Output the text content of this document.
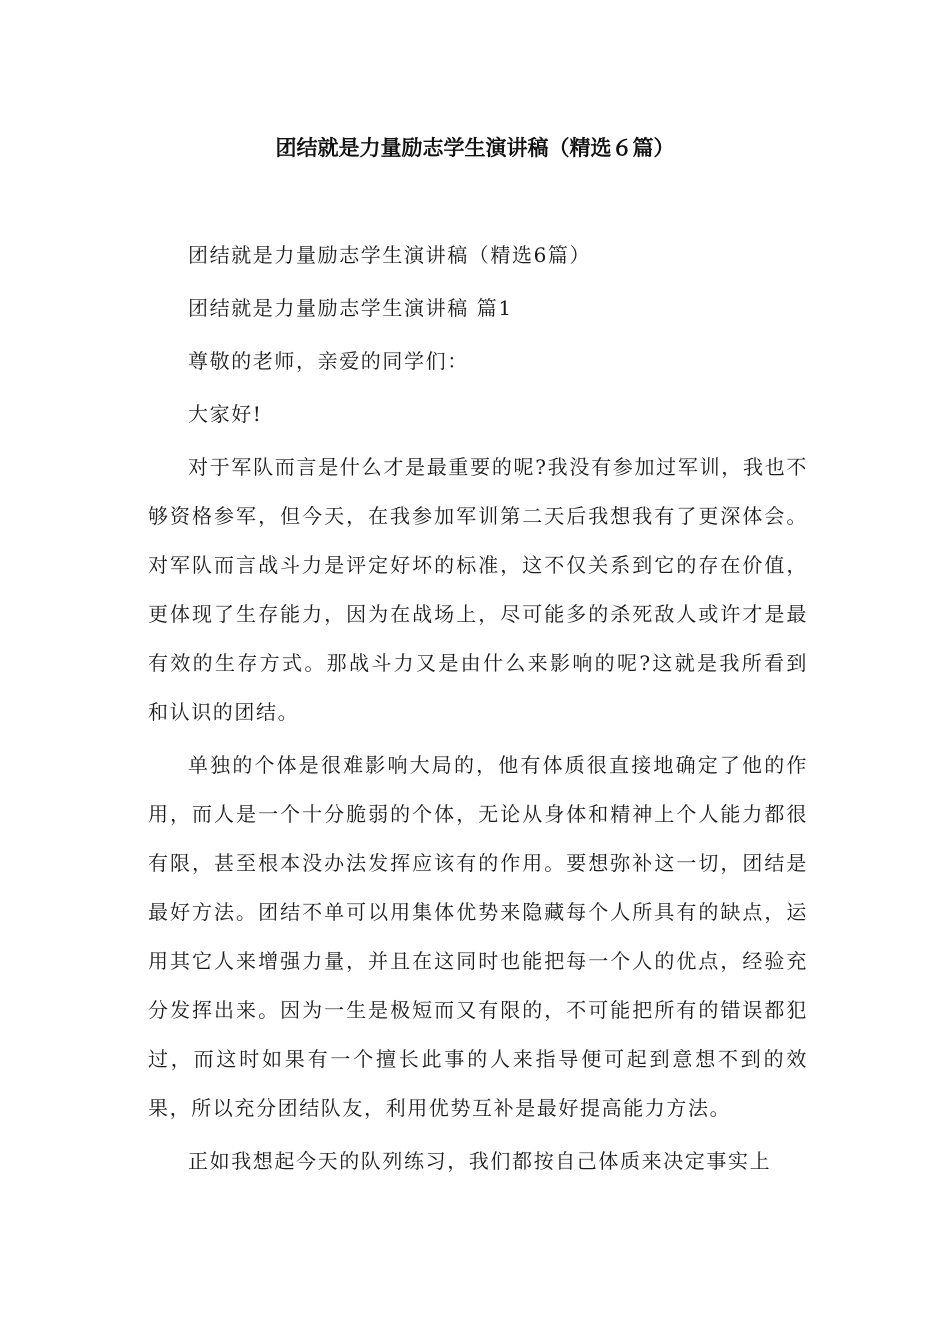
团结就是力量励志学生演讲稿（精选６篇）

团结就是力量励志学生演讲稿（精选6篇）

团结就是力量励志学生演讲稿 篇1

尊敬的老师，亲爱的同学们：

大家好!

对于军队而言是什么才是最重要的呢?我没有参加过军训，我也不够资格参军，但今天，在我参加军训第二天后我想我有了更深体会。对军队而言战斗力是评定好坏的标准，这不仅关系到它的存在价值，更体现了生存能力，因为在战场上，尽可能多的杀死敌人或许才是最有效的生存方式。那战斗力又是由什么来影响的呢?这就是我所看到和认识的团结。

单独的个体是很难影响大局的，他有体质很直接地确定了他的作用，而人是一个十分脆弱的个体，无论从身体和精神上个人能力都很有限，甚至根本没办法发挥应该有的作用。要想弥补这一切，团结是最好方法。团结不单可以用集体优势来隐藏每个人所具有的缺点，运用其它人来增强力量，并且在这同时也能把每一个人的优点，经验充分发挥出来。因为一生是极短而又有限的，不可能把所有的错误都犯过，而这时如果有一个擅长此事的人来指导便可起到意想不到的效果，所以充分团结队友，利用优势互补是最好提高能力方法。

正如我想起今天的队列练习，我们都按自己体质来决定事实上
